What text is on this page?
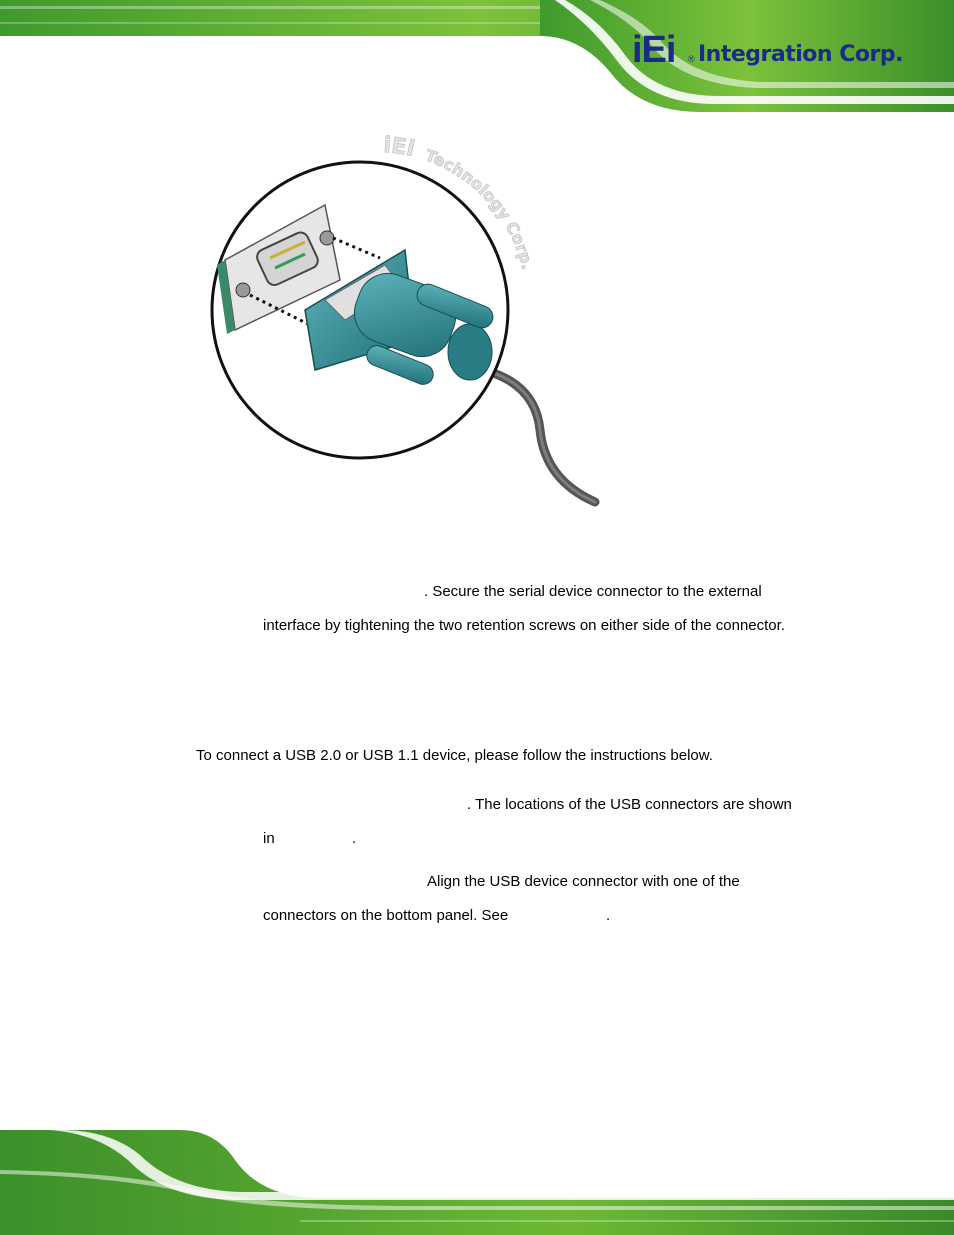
iEi ® Integration Corp.
iEi Technology Corp.
. Secure the serial device connector to the external
interface by tightening the two retention screws on either side of the connector.
To connect a USB 2.0 or USB 1.1 device, please follow the instructions below.
. The locations of the USB connectors are shown
in	.
Align the USB device connector with one of the
connectors on the bottom panel. See	.
